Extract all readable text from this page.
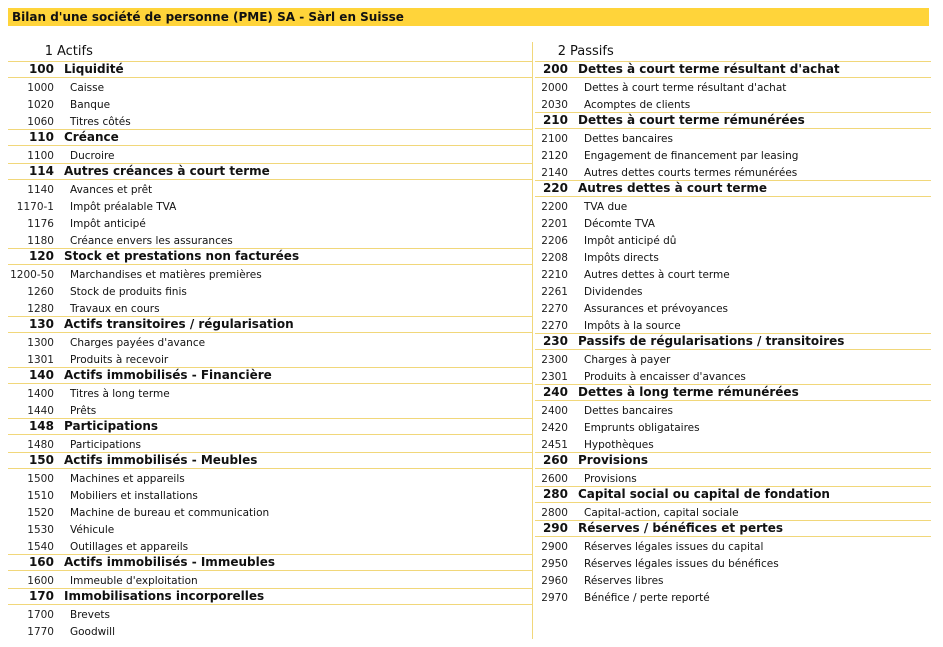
Bilan d'une société de personne (PME) SA - Sàrl en Suisse
1 Actifs
100 Liquidité
1000 Caisse
1020 Banque
1060 Titres côtés
110 Créance
1100 Ducroire
114 Autres créances à court terme
1140 Avances et prêt
1170-1 Impôt préalable TVA
1176 Impôt anticipé
1180 Créance envers les assurances
120 Stock et prestations non facturées
1200-50 Marchandises et matières premières
1260 Stock de produits finis
1280 Travaux en cours
130 Actifs transitoires / régularisation
1300 Charges payées d'avance
1301 Produits à recevoir
140 Actifs immobilisés - Financière
1400 Titres à long terme
1440 Prêts
148 Participations
1480 Participations
150 Actifs immobilisés - Meubles
1500 Machines et appareils
1510 Mobiliers et installations
1520 Machine de bureau et communication
1530 Véhicule
1540 Outillages et appareils
160 Actifs immobilisés - Immeubles
1600 Immeuble d'exploitation
170 Immobilisations incorporelles
1700 Brevets
1770 Goodwill
2 Passifs
200 Dettes à court terme résultant d'achat
2000 Dettes à court terme résultant d'achat
2030 Acomptes de clients
210 Dettes à court terme rémunérées
2100 Dettes bancaires
2120 Engagement de financement par leasing
2140 Autres dettes courts termes rémunérées
220 Autres dettes à court terme
2200 TVA due
2201 Décomte TVA
2206 Impôt anticipé dû
2208 Impôts directs
2210 Autres dettes à court terme
2261 Dividendes
2270 Assurances et prévoyances
2270 Impôts à la source
230 Passifs de régularisations / transitoires
2300 Charges à payer
2301 Produits à encaisser d'avances
240 Dettes à long terme rémunérées
2400 Dettes bancaires
2420 Emprunts obligataires
2451 Hypothèques
260 Provisions
2600 Provisions
280 Capital social ou capital de fondation
2800 Capital-action, capital sociale
290 Réserves / bénéfices et pertes
2900 Réserves légales issues du capital
2950 Réserves légales issues du bénéfices
2960 Réserves libres
2970 Bénéfice / perte reporté
